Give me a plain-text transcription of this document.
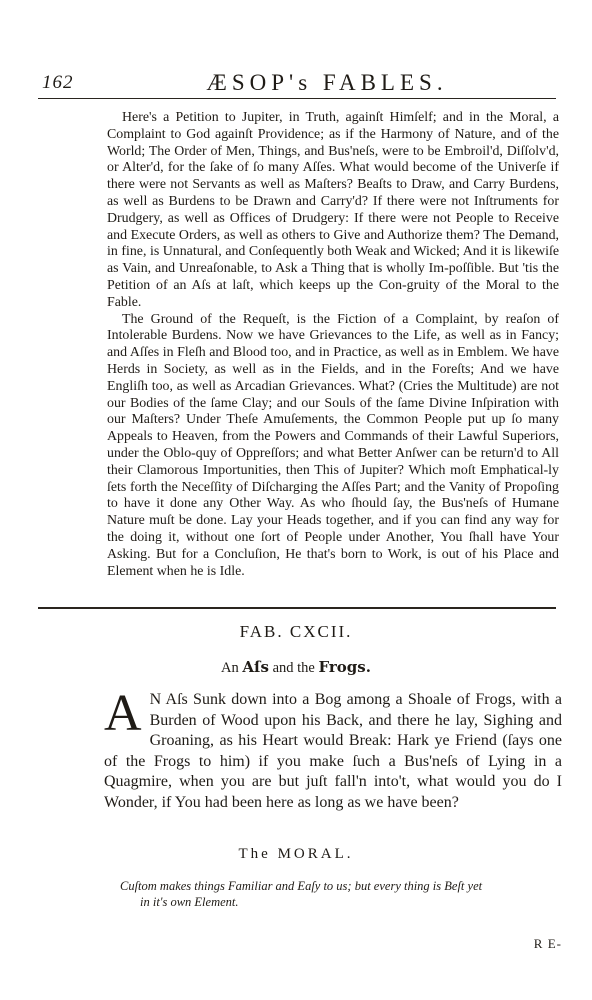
162	ÆSOP's FABLES.

Here's a Petition to Jupiter, in Truth, againſt Himſelf; and in the Moral, a Complaint to God againſt Providence; as if the Harmony of Nature, and of the World; The Order of Men, Things, and Bus'neſs, were to be Embroil'd, Diſſolv'd, or Alter'd, for the ſake of ſo many Aſſes. What would become of the Univerſe if there were not Servants as well as Maſters? Beaſts to Draw, and Carry Burdens, as well as Burdens to be Drawn and Carry'd? If there were not Inſtruments for Drudgery, as well as Offices of Drudgery: If there were not People to Receive and Execute Orders, as well as others to Give and Authorize them? The Demand, in fine, is Unnatural, and Conſequently both Weak and Wicked; And it is likewiſe as Vain, and Unreaſonable, to Ask a Thing that is wholly Im-poſſible. But 'tis the Petition of an Aſs at laſt, which keeps up the Con-gruity of the Moral to the Fable.

The Ground of the Requeſt, is the Fiction of a Complaint, by reaſon of Intolerable Burdens. Now we have Grievances to the Life, as well as in Fancy; and Aſſes in Fleſh and Blood too, and in Practice, as well as in Emblem. We have Herds in Society, as well as in the Fields, and in the Foreſts; And we have Engliſh too, as well as Arcadian Grievances. What? (Cries the Multitude) are not our Bodies of the ſame Clay; and our Souls of the ſame Divine Inſpiration with our Maſters? Under Theſe Amuſements, the Common People put up ſo many Appeals to Heaven, from the Powers and Commands of their Lawful Superiors, under the Oblo-quy of Oppreſſors; and what Better Anſwer can be return'd to All their Clamorous Importunities, then This of Jupiter? Which moſt Emphatical-ly ſets forth the Neceſſity of Diſcharging the Aſſes Part; and the Vanity of Propoſing to have it done any Other Way. As who ſhould ſay, the Bus'neſs of Humane Nature muſt be done. Lay your Heads together, and if you can find any way for the doing it, without one ſort of People under Another, You ſhall have Your Asking. But for a Concluſion, He that's born to Work, is out of his Place and Element when he is Idle.

FAB. CXCII.
An Aſs and the Frogs.
A N Aſs Sunk down into a Bog among a Shoale of Frogs, with a Burden of Wood upon his Back, and there he lay, Sighing and Groaning, as his Heart would Break: Hark ye Friend (ſays one of the Frogs to him) if you make ſuch a Bus'neſs of Lying in a Quagmire, when you are but juſt fall'n into't, what would you do I Wonder, if You had been here as long as we have been?
The MORAL.
Cuſtom makes things Familiar and Eaſy to us; but every thing is Beſt yet
in it's own Element.
R E-
